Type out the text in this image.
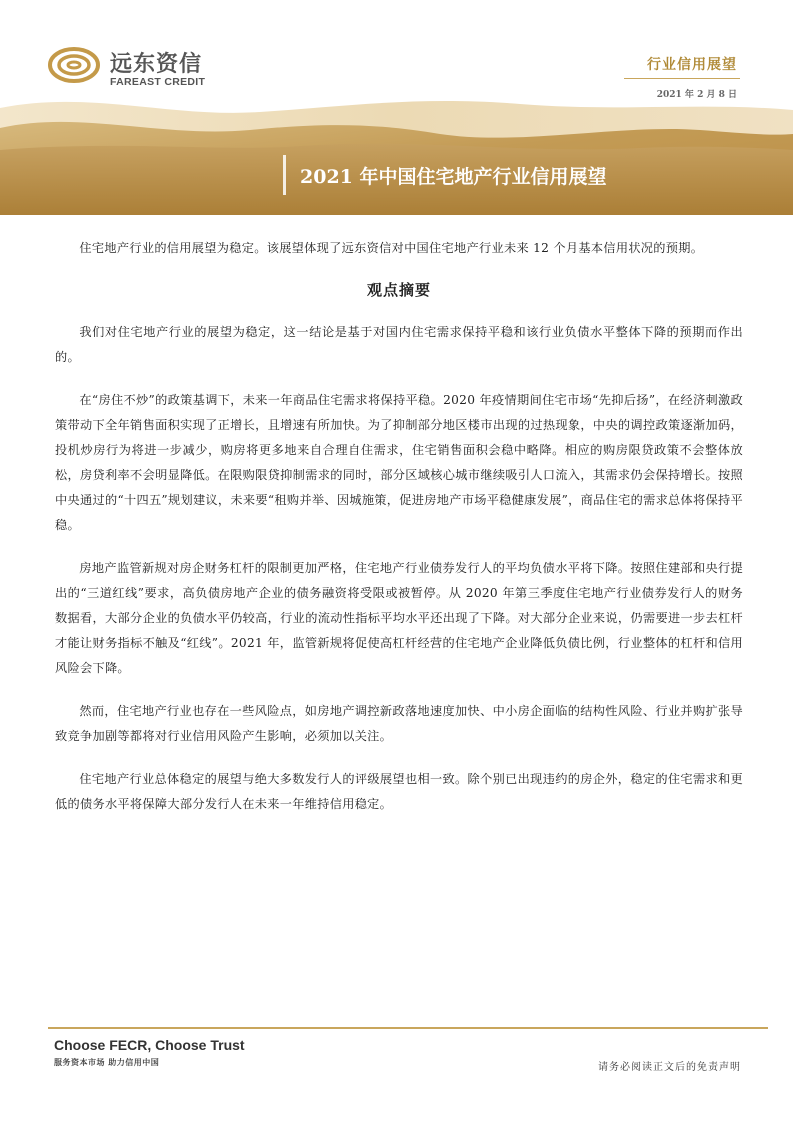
远东资信
FAREAST CREDIT
行业信用展望
2021 年 2 月 8 日
2021 年中国住宅地产行业信用展望

住宅地产行业的信用展望为稳定。该展望体现了远东资信对中国住宅地产行业未来 12 个月基本信用状况的预期。

观点摘要

我们对住宅地产行业的展望为稳定，这一结论是基于对国内住宅需求保持平稳和该行业负债水平整体下降的预期而作出的。

在“房住不炒”的政策基调下，未来一年商品住宅需求将保持平稳。2020 年疫情期间住宅市场“先抑后扬”，在经济刺激政策带动下全年销售面积实现了正增长，且增速有所加快。为了抑制部分地区楼市出现的过热现象，中央的调控政策逐渐加码，投机炒房行为将进一步减少，购房将更多地来自合理自住需求，住宅销售面积会稳中略降。相应的购房限贷政策不会整体放松，房贷利率不会明显降低。在限购限贷抑制需求的同时，部分区域核心城市继续吸引人口流入，其需求仍会保持增长。按照中央通过的“十四五”规划建议，未来要“租购并举、因城施策，促进房地产市场平稳健康发展”，商品住宅的需求总体将保持平稳。

房地产监管新规对房企财务杠杆的限制更加严格，住宅地产行业债券发行人的平均负债水平将下降。按照住建部和央行提出的“三道红线”要求，高负债房地产企业的债务融资将受限或被暂停。从 2020 年第三季度住宅地产行业债券发行人的财务数据看，大部分企业的负债水平仍较高，行业的流动性指标平均水平还出现了下降。对大部分企业来说，仍需要进一步去杠杆才能让财务指标不触及“红线”。2021 年，监管新规将促使高杠杆经营的住宅地产企业降低负债比例，行业整体的杠杆和信用风险会下降。

然而，住宅地产行业也存在一些风险点，如房地产调控新政落地速度加快、中小房企面临的结构性风险、行业并购扩张导致竞争加剧等都将对行业信用风险产生影响，必须加以关注。

住宅地产行业总体稳定的展望与绝大多数发行人的评级展望也相一致。除个别已出现违约的房企外，稳定的住宅需求和更低的债务水平将保障大部分发行人在未来一年维持信用稳定。

Choose FECR, Choose Trust
服务资本市场 助力信用中国	请务必阅读正文后的免责声明
